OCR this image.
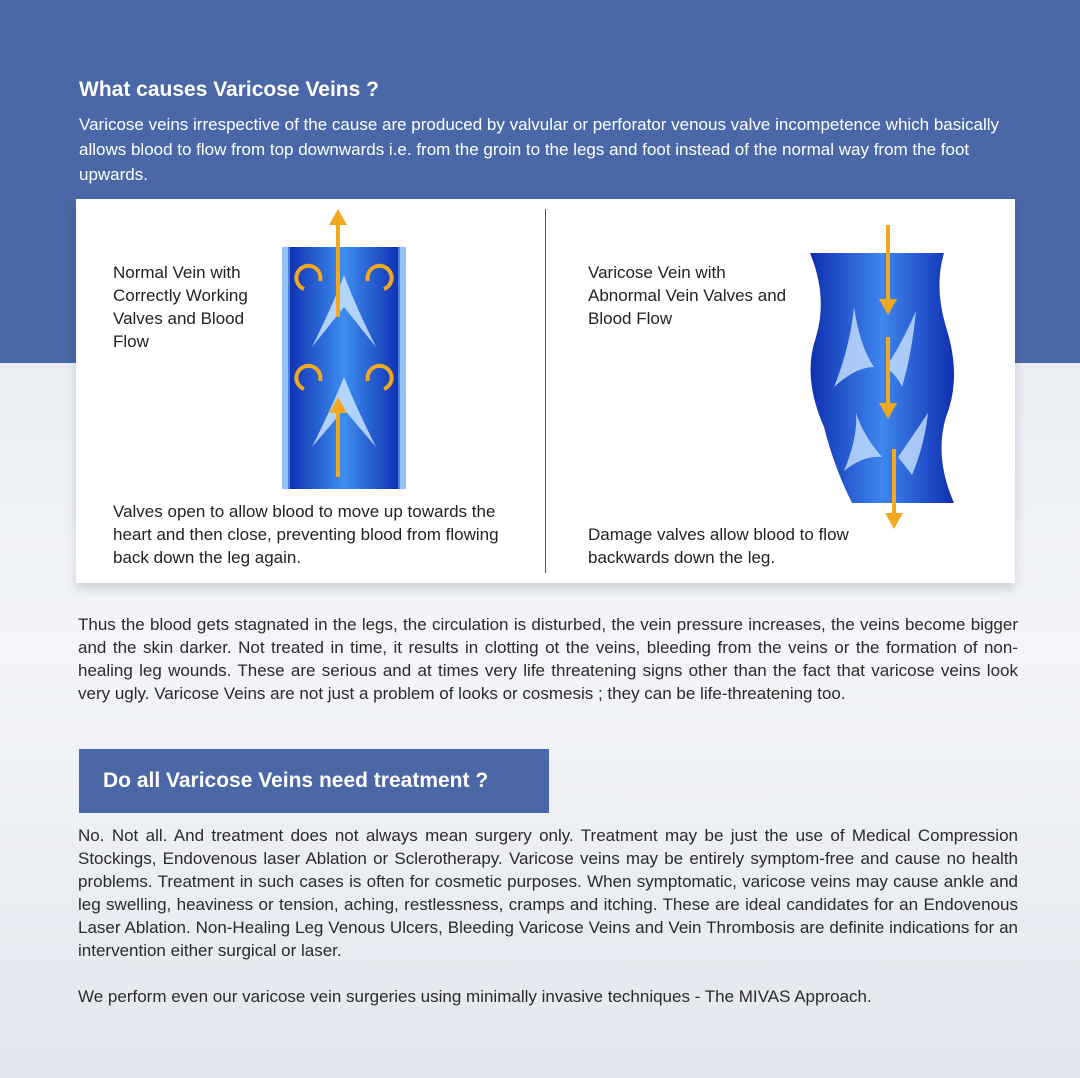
What causes Varicose Veins ?

Varicose veins irrespective of the cause are produced by valvular or perforator venous valve incompetence which basically allows blood to flow from top downwards i.e. from the groin to the legs and foot instead of the normal way from the foot upwards.

Normal Vein with Correctly Working Valves and Blood Flow

Valves open to allow blood to move up towards the heart and then close, preventing blood from flowing back down the leg again.

Varicose Vein with Abnormal Vein Valves and Blood Flow

Damage valves allow blood to flow backwards down the leg.

Thus the blood gets stagnated in the legs, the circulation is disturbed, the vein pressure increases, the veins become bigger and the skin darker. Not treated in time, it results in clotting ot the veins, bleeding from the veins or the formation of non-healing leg wounds. These are serious and at times very life threatening signs other than the fact that varicose veins look very ugly. Varicose Veins are not just a problem of looks or cosmesis ; they can be life-threatening too.

Do all Varicose Veins need treatment ?

No. Not all. And treatment does not always mean surgery only. Treatment may be just the use of Medical Compression Stockings, Endovenous laser Ablation or Sclerotherapy. Varicose veins may be entirely symptom-free and cause no health problems. Treatment in such cases is often for cosmetic purposes. When symptomatic, varicose veins may cause ankle and leg swelling, heaviness or tension, aching, restlessness, cramps and itching. These are ideal candidates for an Endovenous Laser Ablation. Non-Healing Leg Venous Ulcers, Bleeding Varicose Veins and Vein Thrombosis are definite indications for an intervention either surgical or laser.

We perform even our varicose vein surgeries using minimally invasive techniques - The MIVAS Approach.
